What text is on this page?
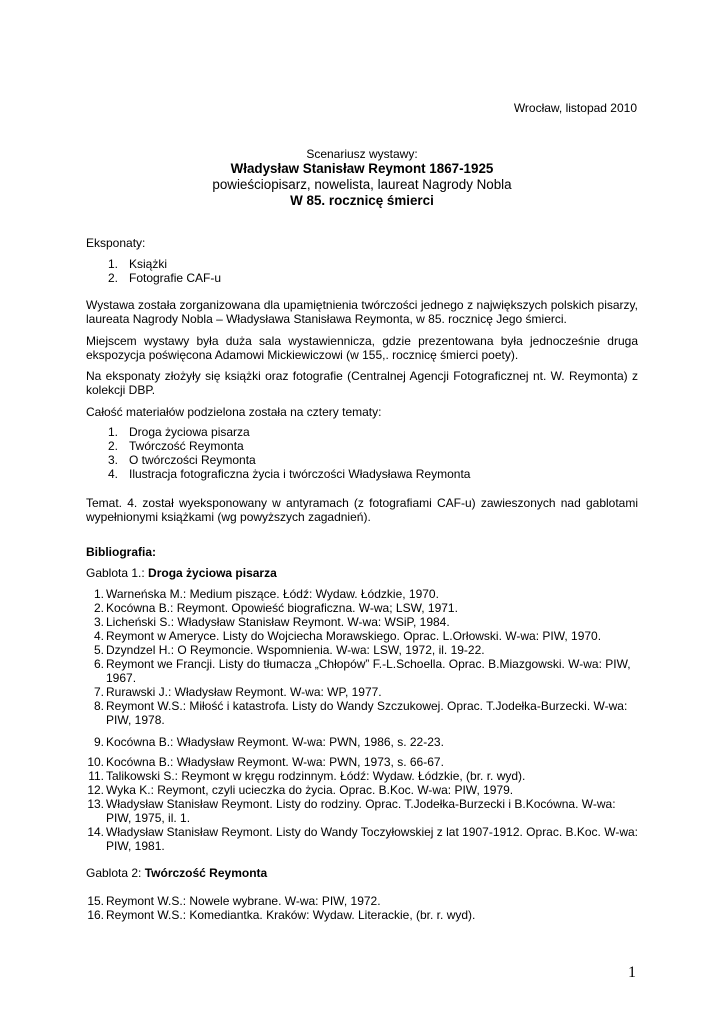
Wrocław, listopad 2010
Scenariusz wystawy:
Władysław Stanisław Reymont 1867-1925
powieściopisarz, nowelista, laureat Nagrody Nobla
W 85. rocznicę śmierci
Eksponaty:
1. Książki
2. Fotografie CAF-u
Wystawa została zorganizowana dla upamiętnienia twórczości jednego z największych polskich pisarzy, laureata Nagrody Nobla – Władysława Stanisława Reymonta, w 85. rocznicę Jego śmierci.
Miejscem wystawy była duża sala wystawiennicza, gdzie prezentowana była jednocześnie druga ekspozycja poświęcona Adamowi Mickiewiczowi (w 155,. rocznicę śmierci poety).
Na eksponaty złożyły się książki oraz fotografie (Centralnej Agencji Fotograficznej nt. W. Reymonta) z kolekcji DBP.
Całość materiałów podzielona została na cztery tematy:
1. Droga życiowa pisarza
2. Twórczość Reymonta
3. O twórczości Reymonta
4. Ilustracja fotograficzna życia i twórczości Władysława Reymonta
Temat. 4. został wyeksponowany w antyramach (z fotografiami CAF-u) zawieszonych nad gablotami wypełnionymi książkami (wg powyższych zagadnień).
Bibliografia:
Gablota 1.: Droga życiowa pisarza
1. Warneńska M.: Medium piszące. Łódź: Wydaw. Łódzkie, 1970.
2. Kocówna B.: Reymont. Opowieść biograficzna. W-wa; LSW, 1971.
3. Licheński S.: Władysław Stanisław Reymont. W-wa: WSiP, 1984.
4. Reymont w Ameryce. Listy do Wojciecha Morawskiego. Oprac. L.Orłowski. W-wa: PIW, 1970.
5. Dzyndzel H.: O Reymoncie. Wspomnienia. W-wa: LSW, 1972, il. 19-22.
6. Reymont we Francji. Listy do tłumacza „Chłopów” F.-L.Schoella. Oprac. B.Miazgowski. W-wa: PIW, 1967.
7. Rurawski J.: Władysław Reymont. W-wa: WP, 1977.
8. Reymont W.S.: Miłość i katastrofa. Listy do Wandy Szczukowej. Oprac. T.Jodełka-Burzecki. W-wa: PIW, 1978.
9. Kocówna B.: Władysław Reymont. W-wa: PWN, 1986, s. 22-23.
10. Kocówna B.: Władysław Reymont. W-wa: PWN, 1973, s. 66-67.
11. Talikowski S.: Reymont w kręgu rodzinnym. Łódź: Wydaw. Łódzkie, (br. r. wyd).
12. Wyka K.: Reymont, czyli ucieczka do życia. Oprac. B.Koc. W-wa: PIW, 1979.
13. Władysław Stanisław Reymont. Listy do rodziny. Oprac. T.Jodełka-Burzecki i B.Kocówna. W-wa: PIW, 1975, il. 1.
14. Władysław Stanisław Reymont. Listy do Wandy Toczyłowskiej z lat 1907-1912. Oprac. B.Koc. W-wa: PIW, 1981.
Gablota 2: Twórczość Reymonta
15. Reymont W.S.: Nowele wybrane. W-wa: PIW, 1972.
16. Reymont W.S.: Komediantka. Kraków: Wydaw. Literackie, (br. r. wyd).
1
